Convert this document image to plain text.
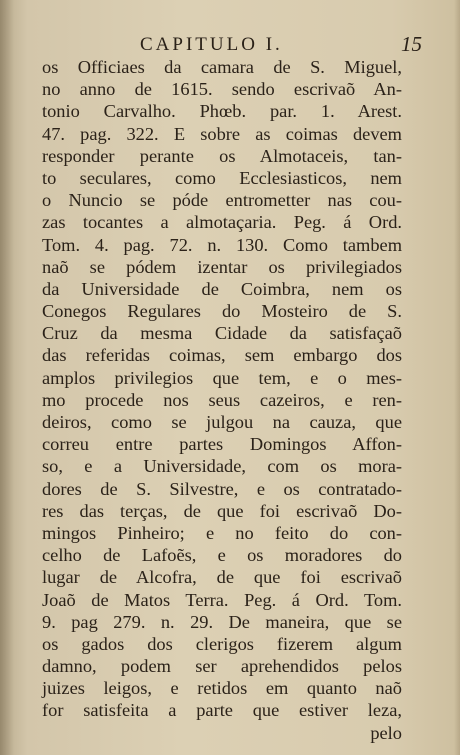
CAPITULO I.	15
os Officiaes da camara de S. Miguel,
no anno de 1615. sendo escrivaõ An-
tonio Carvalho. Phœb. par. 1. Arest.
47. pag. 322. E sobre as coimas devem
responder perante os Almotaceis, tan-
to seculares, como Ecclesiasticos, nem
o Nuncio se póde entrometter nas cou-
zas tocantes a almotaçaria. Peg. á Ord.
Tom. 4. pag. 72. n. 130. Como tambem
naõ se pódem izentar os privilegiados
da Universidade de Coimbra, nem os
Conegos Regulares do Mosteiro de S.
Cruz da mesma Cidade da satisfaçaõ
das referidas coimas, sem embargo dos
amplos privilegios que tem, e o mes-
mo procede nos seus cazeiros, e ren-
deiros, como se julgou na cauza, que
correu entre partes Domingos Affon-
so, e a Universidade, com os mora-
dores de S. Silvestre, e os contratado-
res das terças, de que foi escrivaõ Do-
mingos Pinheiro; e no feito do con-
celho de Lafoẽs, e os moradores do
lugar de Alcofra, de que foi escrivaõ
Joaõ de Matos Terra. Peg. á Ord. Tom.
9. pag 279. n. 29. De maneira, que se
os gados dos clerigos fizerem algum
damno, podem ser aprehendidos pelos
juizes leigos, e retidos em quanto naõ
for satisfeita a parte que estiver leza,
pelo
